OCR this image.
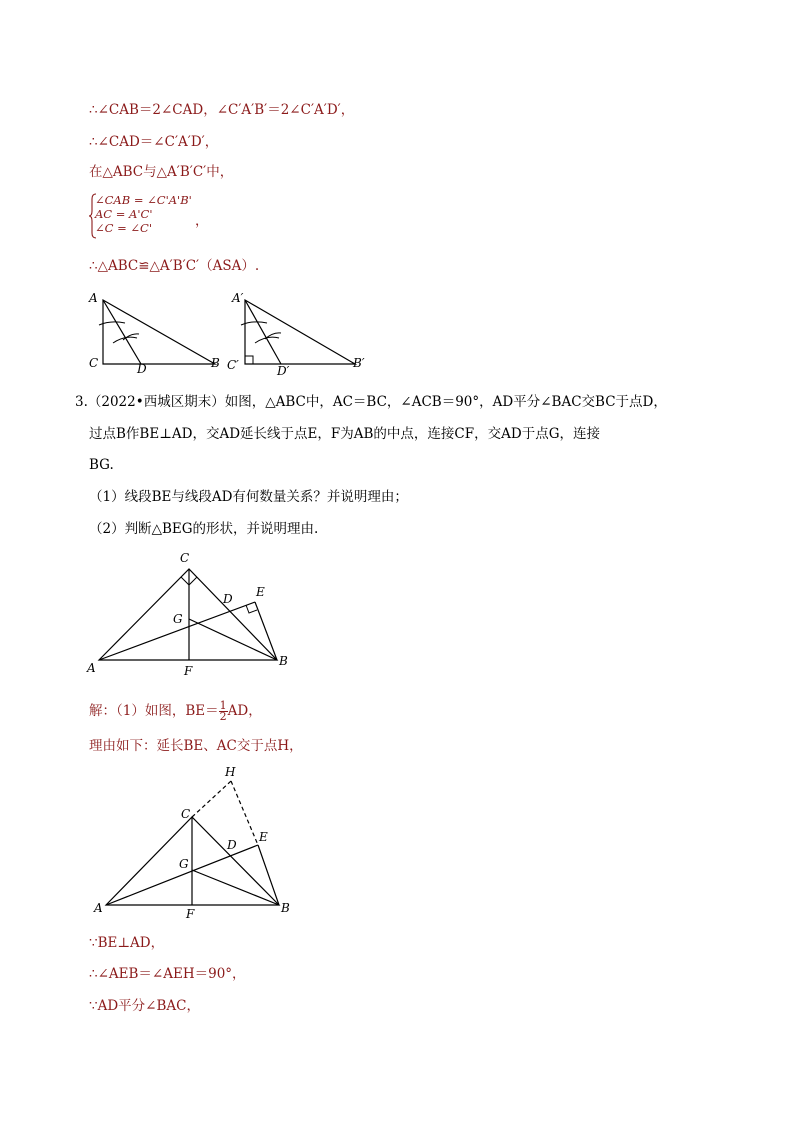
∴∠CAB＝2∠CAD，∠C′A′B′＝2∠C′A′D′，
∴∠CAD＝∠C′A′D′，
在△ABC与△A′B′C′中，
∠CAB = ∠C'A'B'
AC = A'C'
∠C = ∠C'	，
∴△ABC≌△A′B′C′（ASA）.
A
C	D	B
A′
C′	D′
B′
3.（2022•西城区期末）如图，△ABC中，AC＝BC，∠ACB＝90°，AD平分∠BAC交BC于点D，
过点B作BE⊥AD，交AD延长线于点E，F为AB的中点，连接CF，交AD于点G，连接
BG.
（1）线段BE与线段AD有何数量关系？并说明理由；
（2）判断△BEG的形状，并说明理由.
C
E
D
G
A	F
B
解：（1）如图，$BE= \frac{1}{2}$ AD，
理由如下：延长BE、AC交于点H，
H
C
E
D
G
A	F	B
∵BE⊥AD，
∴∠AEB＝∠AEH＝90°，
∵AD平分∠BAC，
